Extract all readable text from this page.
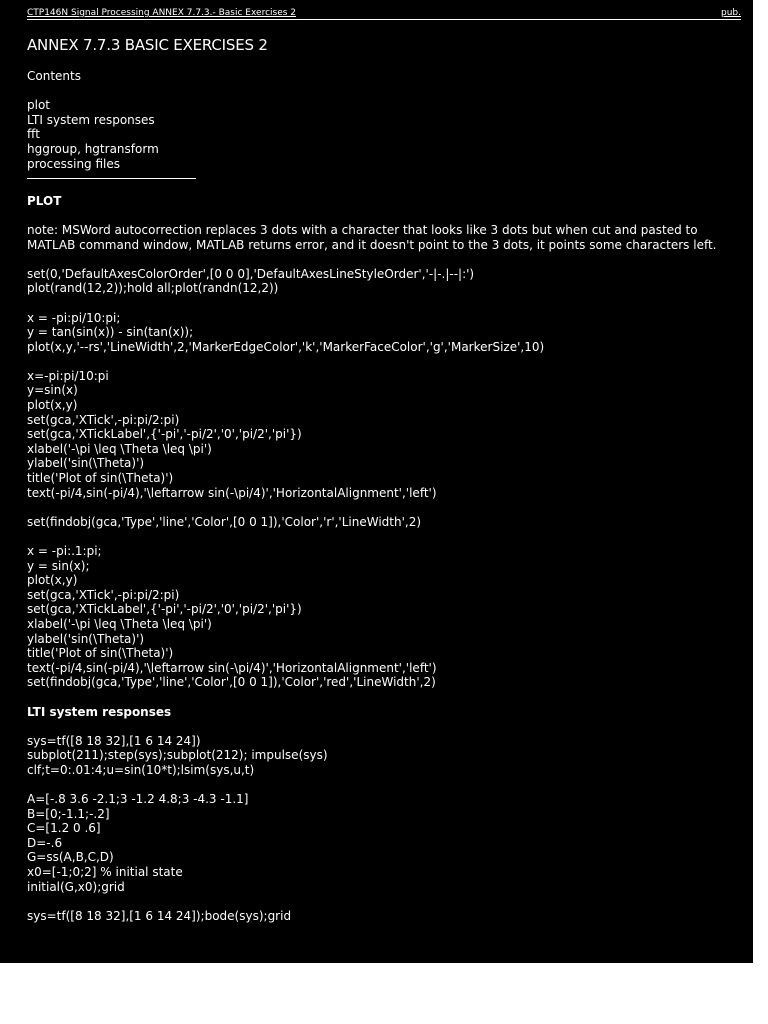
CTP146N Signal Processing ANNEX 7.7.3.- Basic Exercises 2	pub.
ANNEX 7.7.3 BASIC EXERCISES 2
Contents
plot
LTI system responses
fft
hggroup, hgtransform
processing files
PLOT
note: MSWord autocorrection replaces 3 dots with a character that looks like 3 dots but when cut and pasted to MATLAB command window, MATLAB returns error, and it doesn't point to the 3 dots, it points some characters left.
set(0,'DefaultAxesColorOrder',[0 0 0],'DefaultAxesLineStyleOrder','-|-.|--|:')
plot(rand(12,2));hold all;plot(randn(12,2))
x = -pi:pi/10:pi;
y = tan(sin(x)) - sin(tan(x));
plot(x,y,'--rs','LineWidth',2,'MarkerEdgeColor','k','MarkerFaceColor','g','MarkerSize',10)
x=-pi:pi/10:pi
y=sin(x)
plot(x,y)
set(gca,'XTick',-pi:pi/2:pi)
set(gca,'XTickLabel',{'-pi','-pi/2','0','pi/2','pi'})
xlabel('-\pi \leq \Theta \leq \pi')
ylabel('sin(\Theta)')
title('Plot of sin(\Theta)')
text(-pi/4,sin(-pi/4),'\leftarrow sin(-\pi/4)','HorizontalAlignment','left')
set(findobj(gca,'Type','line','Color',[0 0 1]),'Color','r','LineWidth',2)
x = -pi:.1:pi;
y = sin(x);
plot(x,y)
set(gca,'XTick',-pi:pi/2:pi)
set(gca,'XTickLabel',{'-pi','-pi/2','0','pi/2','pi'})
xlabel('-\pi \leq \Theta \leq \pi')
ylabel('sin(\Theta)')
title('Plot of sin(\Theta)')
text(-pi/4,sin(-pi/4),'\leftarrow sin(-\pi/4)','HorizontalAlignment','left')
set(findobj(gca,'Type','line','Color',[0 0 1]),'Color','red','LineWidth',2)
LTI system responses
sys=tf([8 18 32],[1 6 14 24])
subplot(211);step(sys);subplot(212); impulse(sys)
clf;t=0:.01:4;u=sin(10*t);lsim(sys,u,t)
A=[-.8 3.6 -2.1;3 -1.2 4.8;3 -4.3 -1.1]
B=[0;-1.1;-.2]
C=[1.2 0 .6]
D=-.6
G=ss(A,B,C,D)
x0=[-1;0;2] % initial state
initial(G,x0);grid
sys=tf([8 18 32],[1 6 14 24]);bode(sys);grid
